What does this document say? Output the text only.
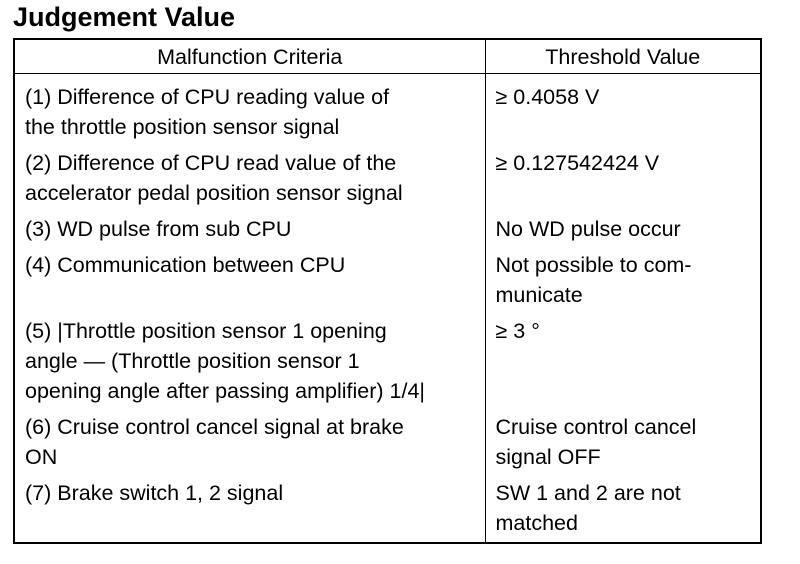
Judgement Value
Malfunction Criteria	Threshold Value
(1) Difference of CPU reading value of
the throttle position sensor signal	≥ 0.4058 V
(2) Difference of CPU read value of the
accelerator pedal position sensor signal	≥ 0.127542424 V
(3) WD pulse from sub CPU	No WD pulse occur
(4) Communication between CPU	Not possible to com-
municate
(5) |Throttle position sensor 1 opening
angle — (Throttle position sensor 1
opening angle after passing amplifier) 1/4|	≥ 3 °
(6) Cruise control cancel signal at brake
ON	Cruise control cancel
signal OFF
(7) Brake switch 1, 2 signal	SW 1 and 2 are not
matched
